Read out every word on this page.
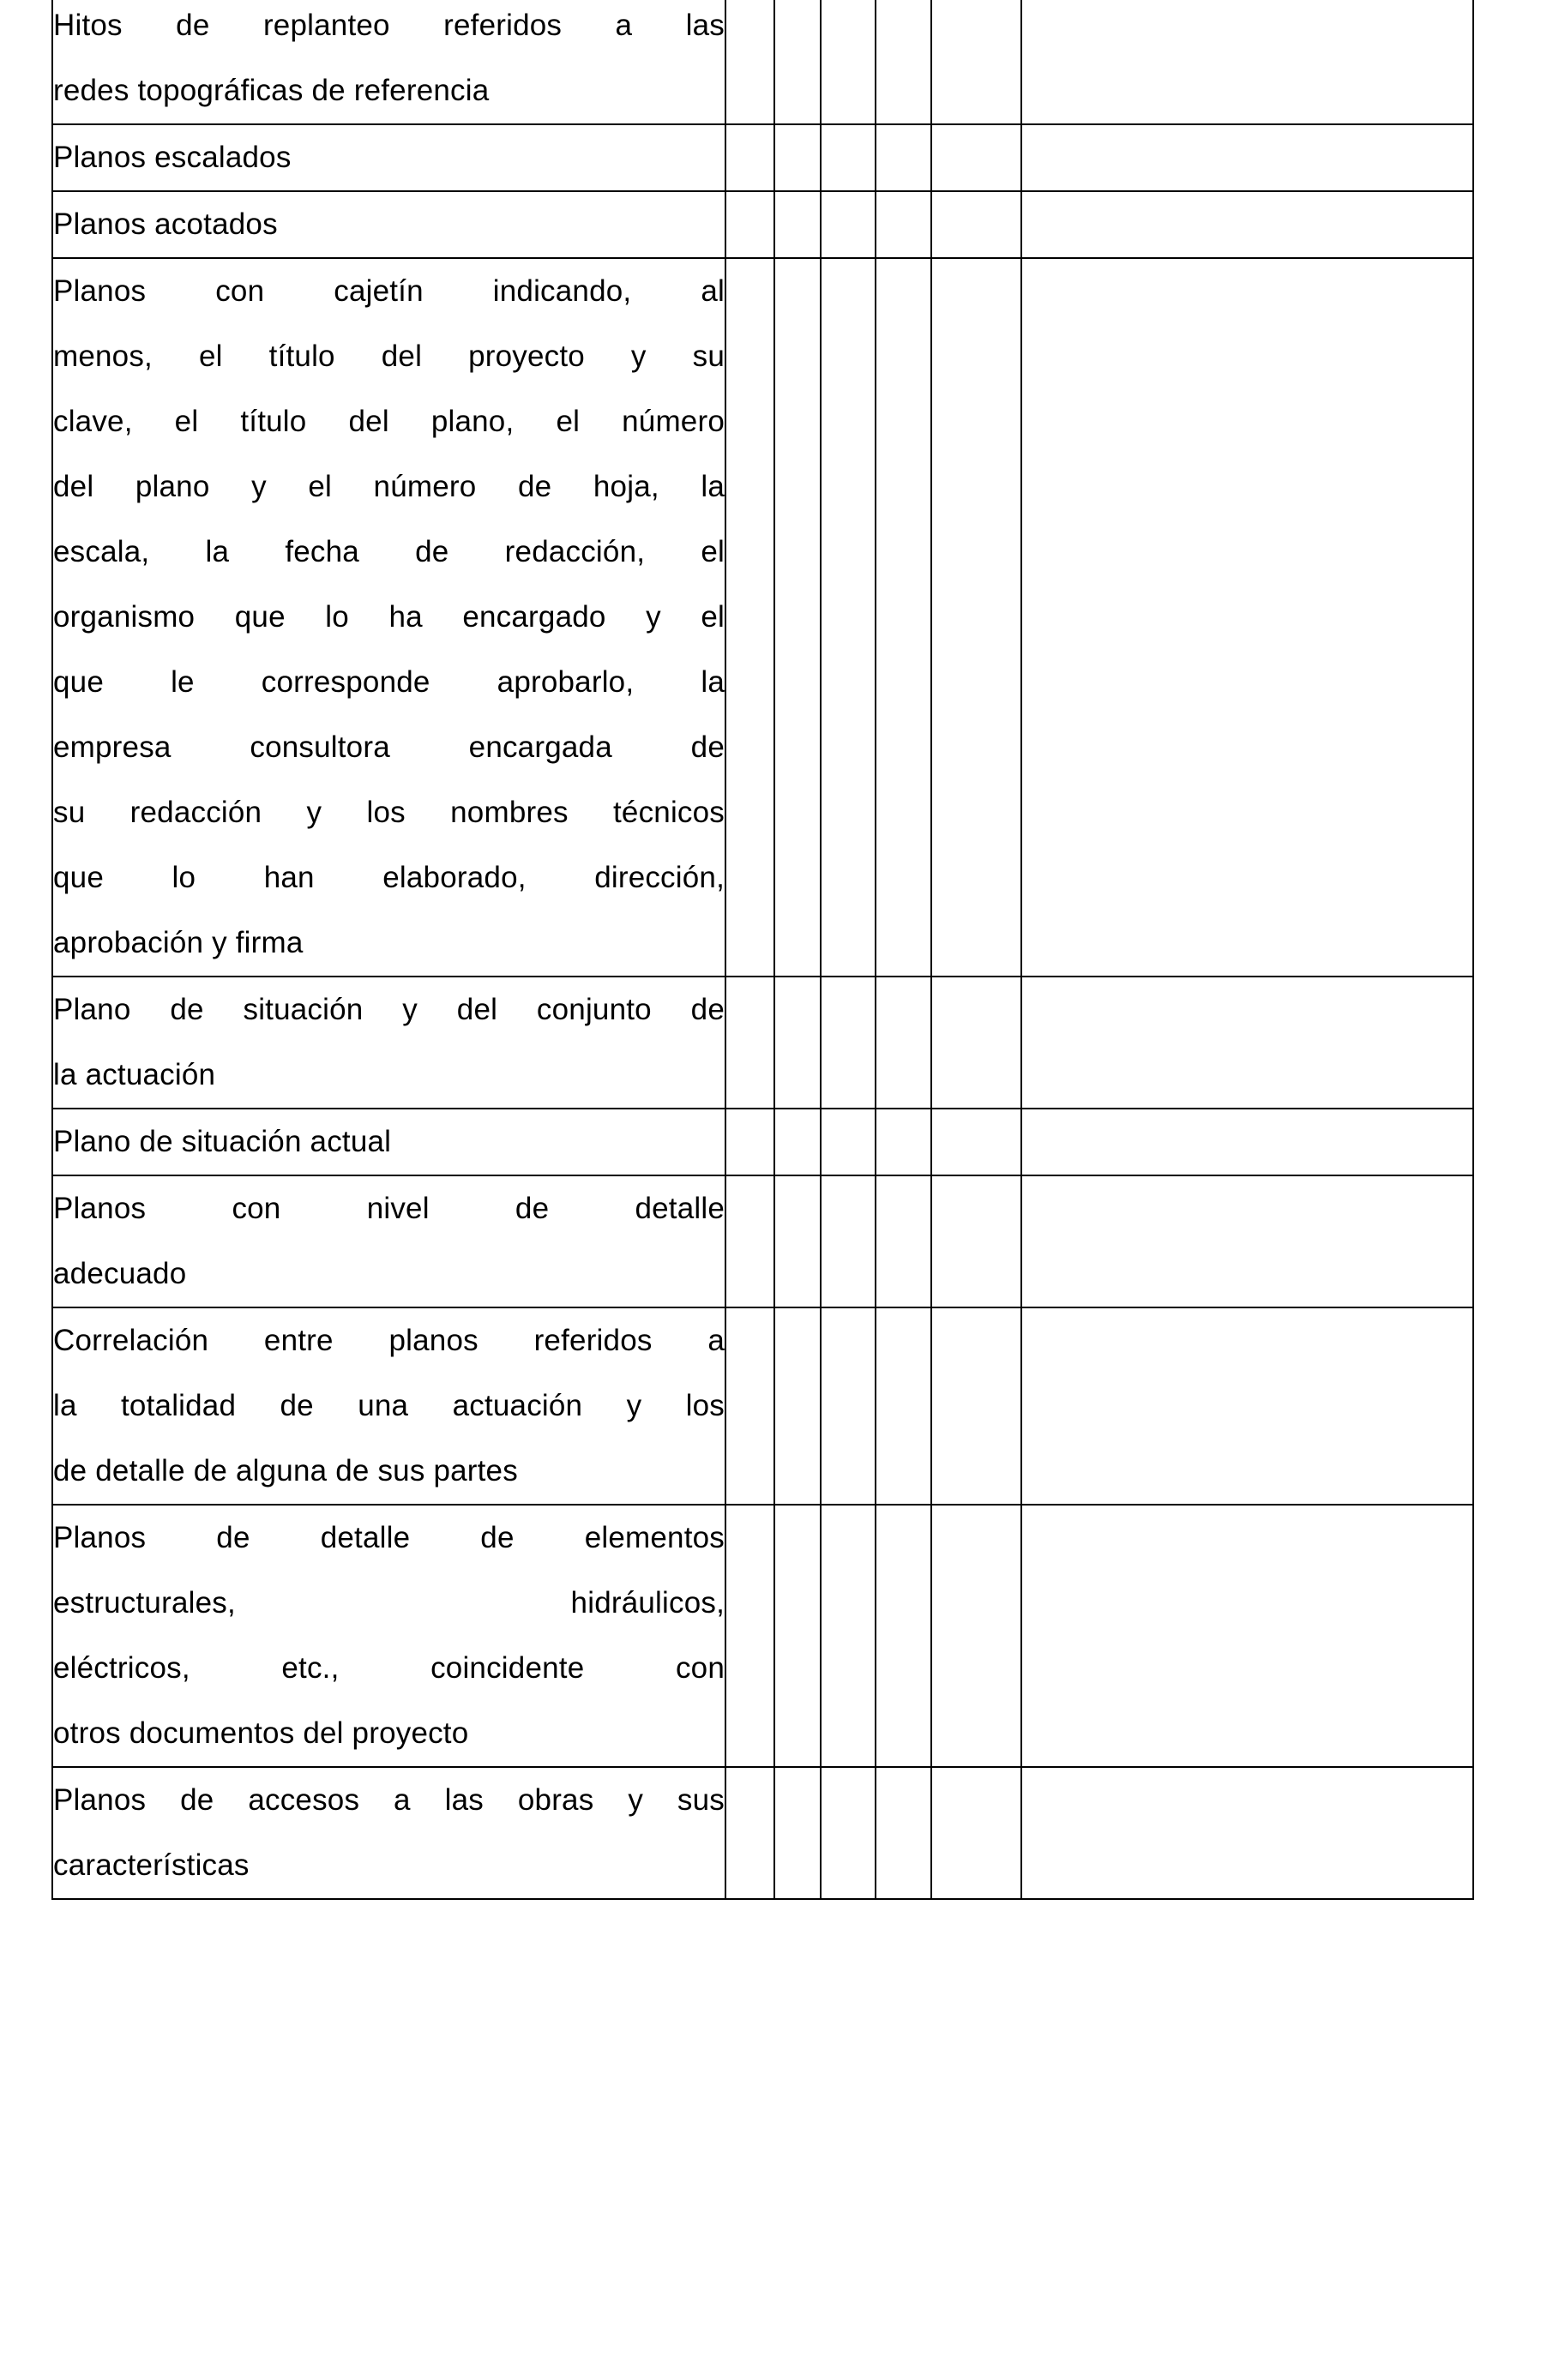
Hitos de replanteo referidos a las
redes topográficas de referencia						

Planos escalados						

Planos acotados						

Planos con cajetín indicando, al
menos, el título del proyecto y su
clave, el título del plano, el número
del plano y el número de hoja, la
escala, la fecha de redacción, el
organismo que lo ha encargado y el
que le corresponde aprobarlo, la
empresa consultora encargada de
su redacción y los nombres técnicos
que lo han elaborado, dirección,
aprobación y firma

Plano de situación y del conjunto de
la actuación						

Plano de situación actual						

Planos con nivel de detalle
adecuado						

Correlación entre planos referidos a
la totalidad de una actuación y los
de detalle de alguna de sus partes						

Planos de detalle de elementos
estructurales, hidráulicos,
eléctricos, etc., coincidente con
otros documentos del proyecto						

Planos de accesos a las obras y sus
características						
